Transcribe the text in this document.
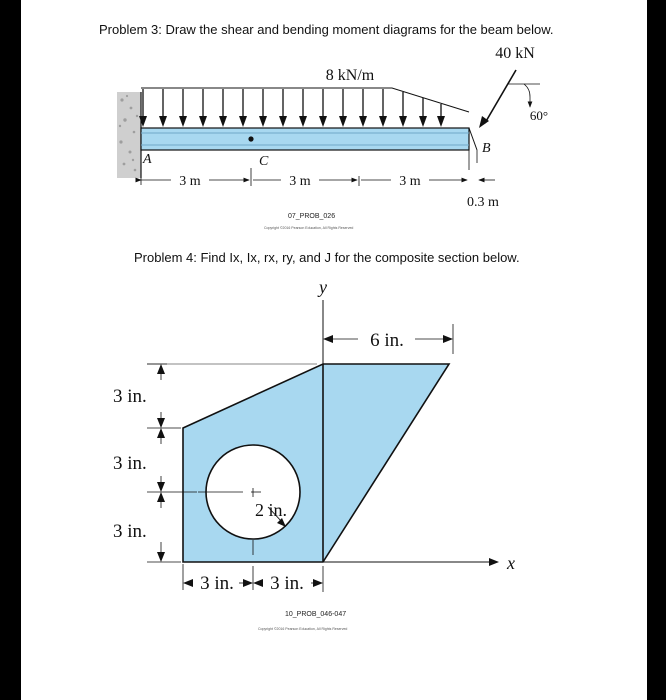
Problem 3: Draw the shear and bending moment diagrams for the beam below.
40 kN
8 kN/m
60°
A	C
B
3 m	3 m	3 m
0.3 m
07_PROB_026
Copyright ©2016 Pearson Education, All Rights Reserved
Problem 4: Find Ix, Ix, rx, ry, and J for the composite section below.
y
x
6 in.
3 in.
3 in.
3 in.
2 in.
3 in. 3 in.
10_PROB_046-047
Copyright ©2016 Pearson Education, All Rights Reserved
